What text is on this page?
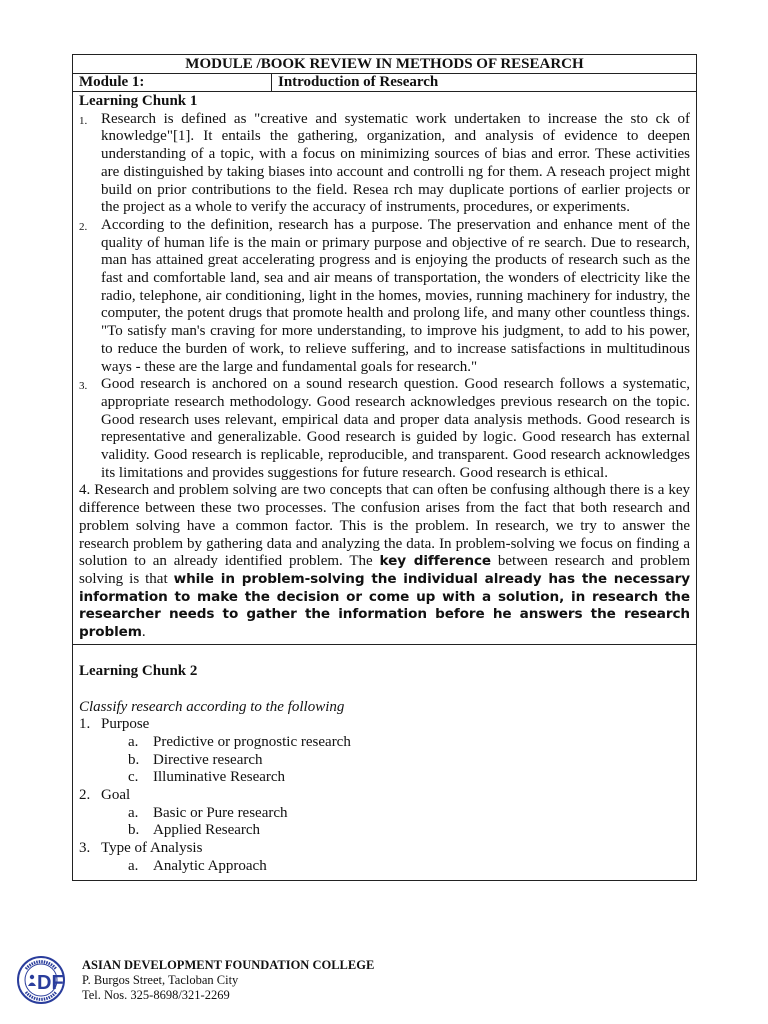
MODULE /BOOK REVIEW IN METHODS OF RESEARCH
Module 1:	Introduction of Research
Learning Chunk 1
1. Research is defined as "creative and systematic work undertaken to increase the sto ck of knowledge"[1]. It entails the gathering, organization, and analysis of evidence to deepen understanding of a topic, with a focus on minimizing sources of bias and error. These activities are distinguished by taking biases into account and controlli ng for them. A reseach project might build on prior contributions to the field. Resea rch may duplicate portions of earlier projects or the project as a whole to verify the accuracy of instruments, procedures, or experiments.
2. According to the definition, research has a purpose. The preservation and enhance ment of the quality of human life is the main or primary purpose and objective of re search. Due to research, man has attained great accelerating progress and is enjoying the products of research such as the fast and comfortable land, sea and air means of transportation, the wonders of electricity like the radio, telephone, air conditioning, light in the homes, movies, running machinery for industry, the computer, the potent drugs that promote health and prolong life, and many other countless things. "To satisfy man's craving for more understanding, to improve his judgment, to add to his power, to reduce the burden of work, to relieve suffering, and to increase satisfactions in multitudinous ways - these are the large and fundamental goals for research."
3. Good research is anchored on a sound research question. Good research follows a systematic, appropriate research methodology. Good research acknowledges previous research on the topic. Good research uses relevant, empirical data and proper data analysis methods. Good research is representative and generalizable. Good research is guided by logic. Good research has external validity. Good research is replicable, reproducible, and transparent. Good research acknowledges its limitations and provides suggestions for future research. Good research is ethical.
4. Research and problem solving are two concepts that can often be confusing although there is a key difference between these two processes. The confusion arises from the fact that both research and problem solving have a common factor. This is the problem. In research, we try to answer the research problem by gathering data and analyzing the data. In problem-solving we focus on finding a solution to an already identified problem. The key difference between research and problem solving is that while in problem-solving the individual already has the necessary information to make the decision or come up with a solution, in research the researcher needs to gather the information before he answers the research problem.
Learning Chunk 2
Classify research according to the following
1. Purpose
a. Predictive or prognostic research
b. Directive research
c. Illuminative Research
2. Goal
a. Basic or Pure research
b. Applied Research
3. Type of Analysis
a. Analytic Approach
DF
ASIAN DEVELOPMENT FOUNDATION COLLEGE
P. Burgos Street, Tacloban City
Tel. Nos. 325-8698/321-2269
